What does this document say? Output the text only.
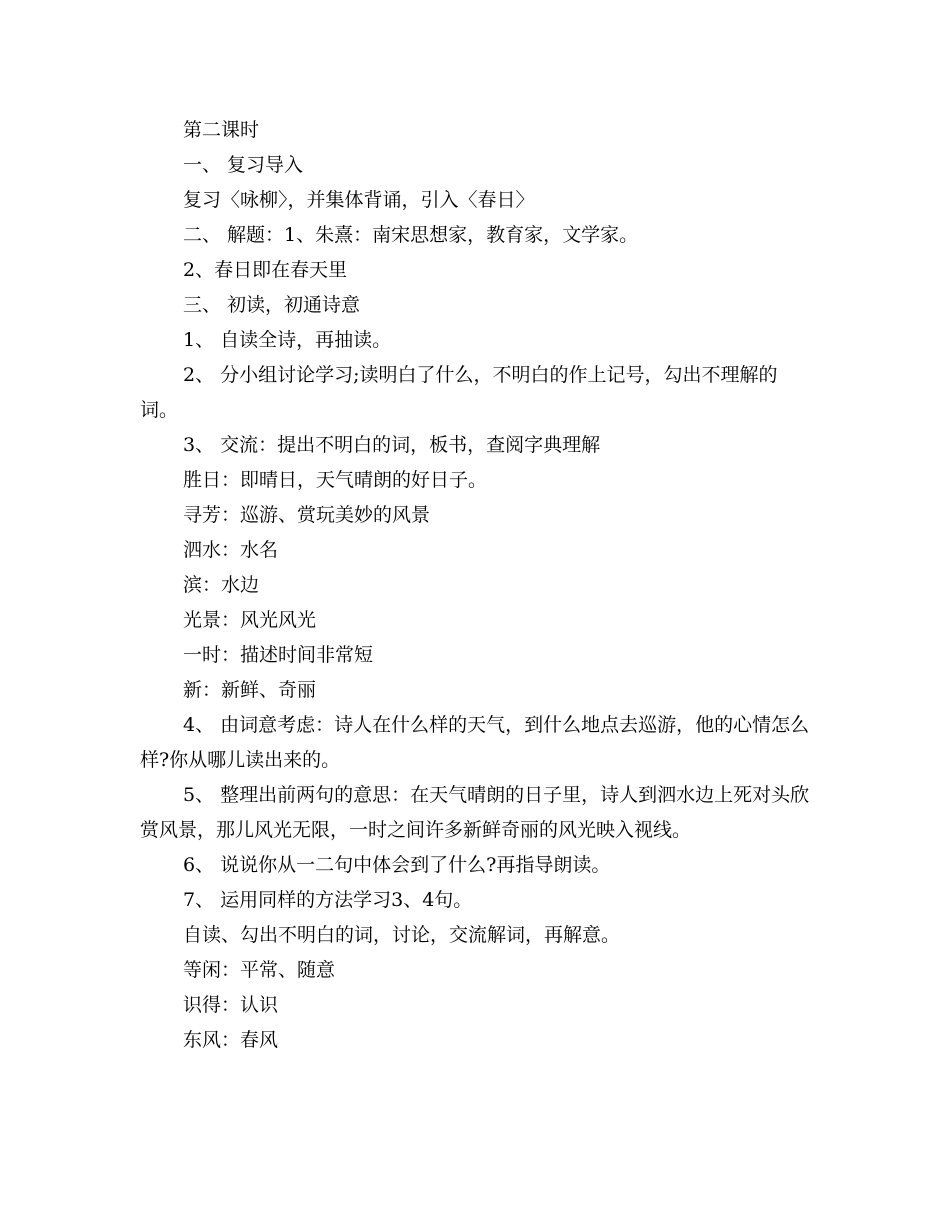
第二课时
一、 复习导入
复习〈咏柳〉，并集体背诵，引入〈春日〉
二、 解题：1、朱熹：南宋思想家，教育家，文学家。
2、春日即在春天里
三、 初读，初通诗意
1、 自读全诗，再抽读。
2、 分小组讨论学习;读明白了什么，不明白的作上记号，勾出不理解的词。
3、 交流：提出不明白的词，板书，查阅字典理解
胜日：即晴日，天气晴朗的好日子。
寻芳：巡游、赏玩美妙的风景
泗水：水名
滨：水边
光景：风光风光
一时：描述时间非常短
新：新鲜、奇丽
4、 由词意考虑：诗人在什么样的天气，到什么地点去巡游，他的心情怎么样?你从哪儿读出来的。
5、 整理出前两句的意思：在天气晴朗的日子里，诗人到泗水边上死对头欣赏风景，那儿风光无限，一时之间许多新鲜奇丽的风光映入视线。
6、 说说你从一二句中体会到了什么?再指导朗读。
7、 运用同样的方法学习3、4句。
自读、勾出不明白的词，讨论，交流解词，再解意。
等闲：平常、随意
识得：认识
东风：春风
